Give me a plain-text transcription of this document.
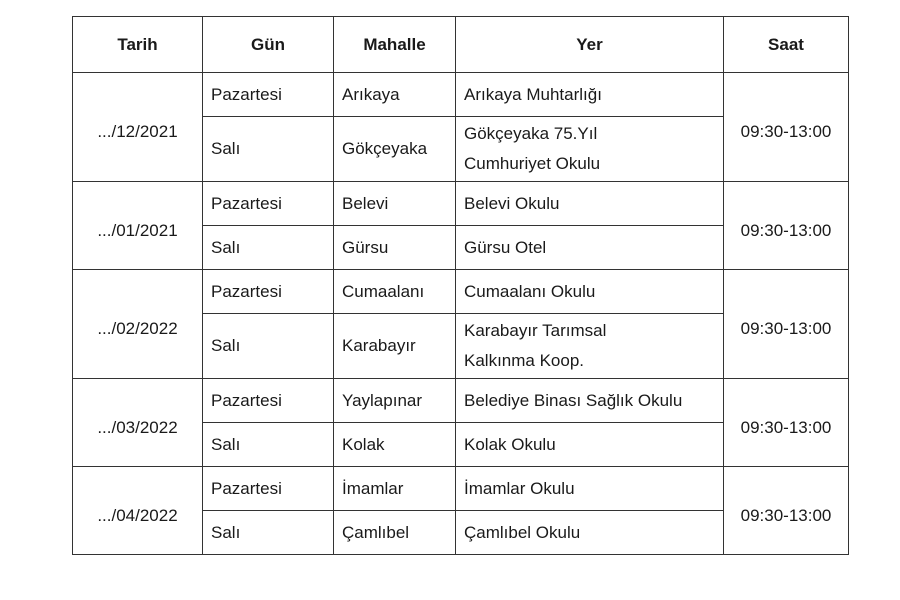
Tarih	Gün	Mahalle	Yer	Saat
.../12/2021	Pazartesi	Arıkaya	Arıkaya Muhtarlığı	09:30-13:00
	Salı	Gökçeyaka	Gökçeyaka 75.Yıl
Cumhuriyet Okulu	

.../01/2021	Pazartesi	Belevi	Belevi Okulu	09:30-13:00
	Salı	Gürsu	Gürsu Otel	
.../02/2022	Pazartesi	Cumaalanı	Cumaalanı Okulu	09:30-13:00
	Salı	Karabayır	Karabayır Tarımsal
Kalkınma Koop.	

.../03/2022	Pazartesi	Yaylapınar	Belediye Binası Sağlık Okulu	09:30-13:00
	Salı	Kolak	Kolak Okulu	
.../04/2022	Pazartesi	İmamlar	İmamlar Okulu	09:30-13:00
	Salı	Çamlıbel	Çamlıbel Okulu	
